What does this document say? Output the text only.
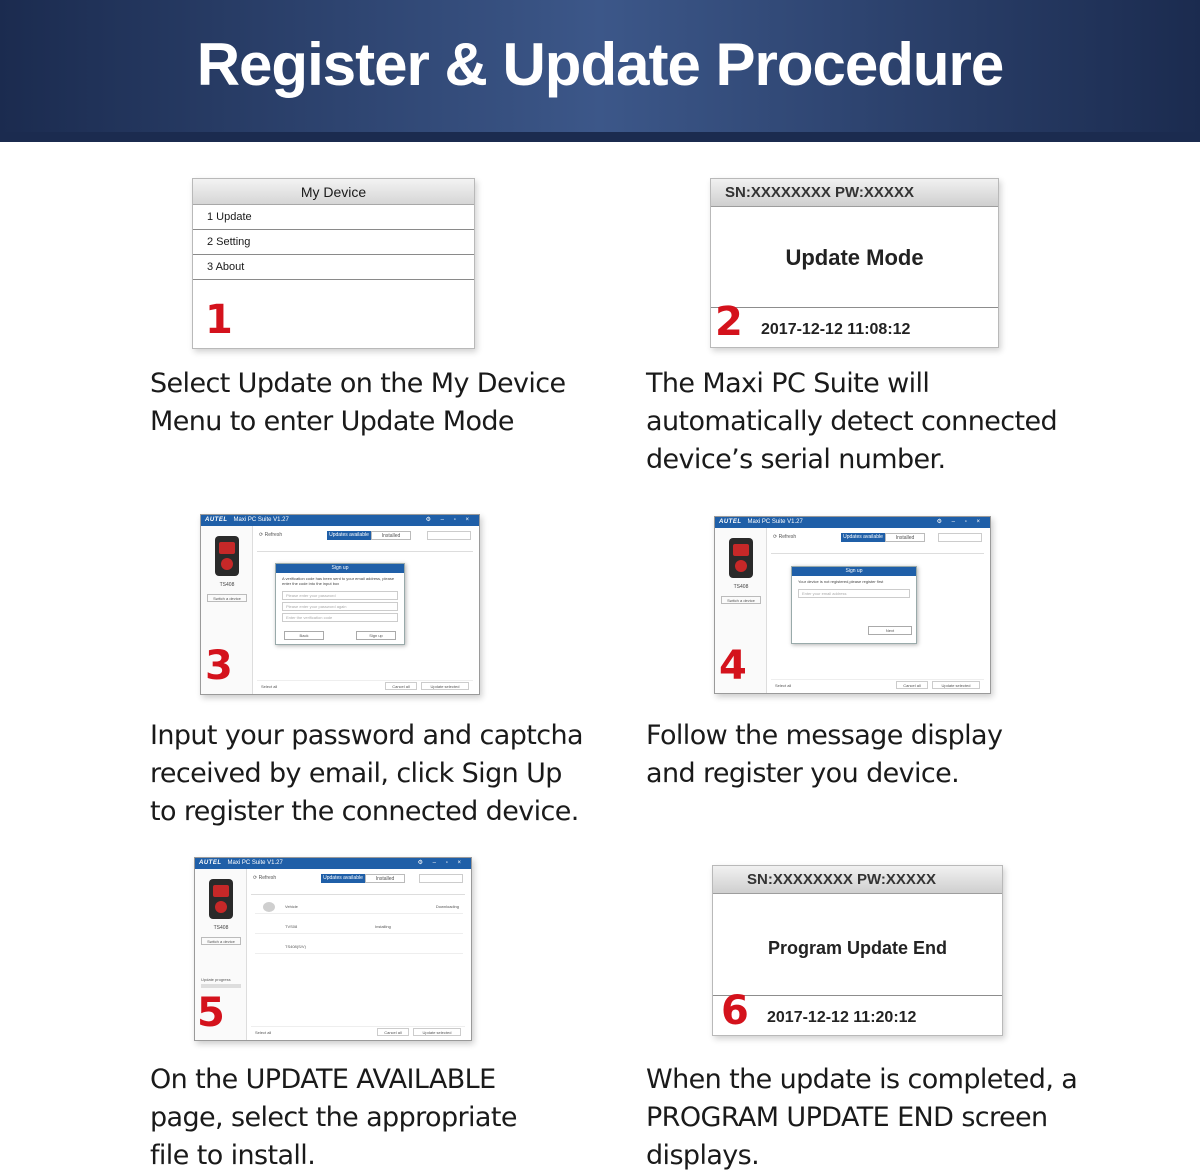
Register & Update Procedure
My Device
1 Update
2 Setting
3 About
1
Select Update on the My Device Menu to enter Update Mode
SN:XXXXXXXX PW:XXXXX
Update Mode
2017-12-12 11:08:12
2
The Maxi PC Suite will automatically detect connected device’s serial number.
AUTEL Maxi PC Suite V1.27	⚙ – ▫ ×
TS408
Switch a device
⟳ Refresh	Updates available	Installed
Sign up
A verification code has been sent to your email address, please enter the code into the input box
Please enter your password
Please enter your password again
Enter the verification code
Back	Sign up
Select all	Cancel all	Update selected
3
Input your password and captcha received by email, click Sign Up to register the connected device.
AUTEL Maxi PC Suite V1.27	⚙ – ▫ ×
TS408
Switch a device
⟳ Refresh	Updates available	Installed
Sign up
Your device is not registered,please register first
Enter your email address
Next
Select all	Cancel all	Update selected
4
Follow the message display and register you device.
AUTEL Maxi PC Suite V1.27	⚙ – ▫ ×
TS408
Switch a device
Update progress
⟳ Refresh	Updates available	Installed
Vehicle	Downloading
TVS08	Installing
TS408(S/V)
Select all	Cancel all	Update selected
5
On the UPDATE AVAILABLE page, select the appropriate file to install.
SN:XXXXXXXX PW:XXXXX
Program Update End
2017-12-12 11:20:12
6
When the update is completed, a PROGRAM UPDATE END screen displays.
